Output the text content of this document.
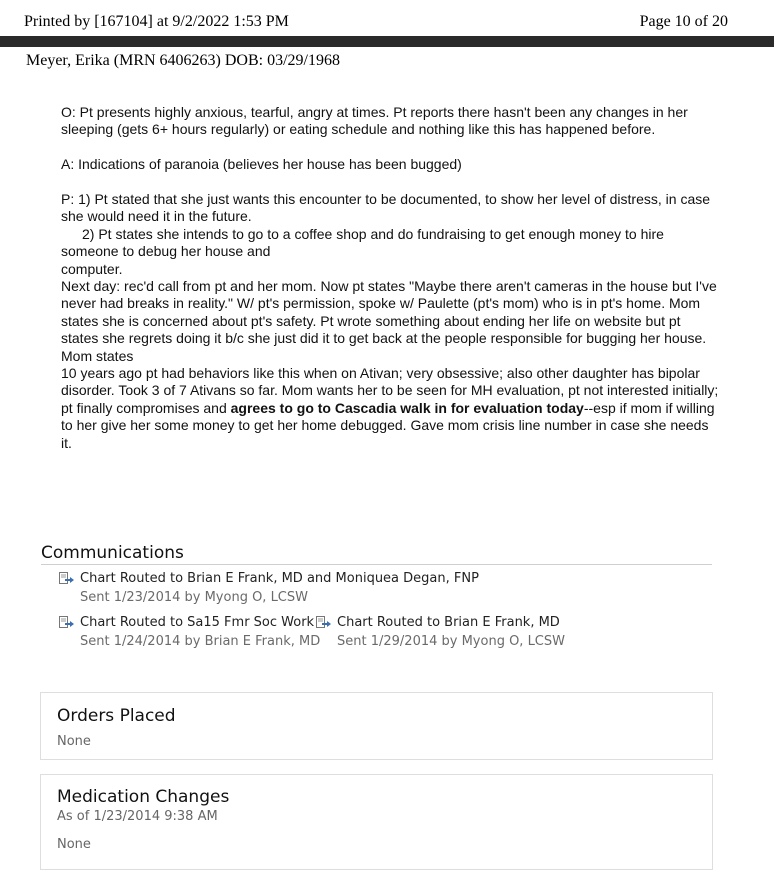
Printed by [167104] at 9/2/2022 1:53 PM	Page 10 of 20
Meyer, Erika (MRN 6406263) DOB: 03/29/1968

O: Pt presents highly anxious, tearful, angry at times. Pt reports there hasn't been any changes in her sleeping (gets 6+ hours regularly) or eating schedule and nothing like this has happened before.

A: Indications of paranoia (believes her house has been bugged)

P: 1) Pt stated that she just wants this encounter to be documented, to show her level of distress, in case she would need it in the future.

2) Pt states she intends to go to a coffee shop and do fundraising to get enough money to hire

someone to debug her house and

computer.

Next day: rec'd call from pt and her mom. Now pt states "Maybe there aren't cameras in the house but I've never had breaks in reality." W/ pt's permission, spoke w/ Paulette (pt's mom) who is in pt's home. Mom states she is concerned about pt's safety. Pt wrote something about ending her life on website but pt states she regrets doing it b/c she just did it to get back at the people responsible for bugging her house. Mom states

10 years ago pt had behaviors like this when on Ativan; very obsessive; also other daughter has bipolar disorder. Took 3 of 7 Ativans so far. Mom wants her to be seen for MH evaluation, pt not interested initially; pt finally compromises and agrees to go to Cascadia walk in for evaluation today--esp if mom if willing to her give her some money to get her home debugged. Gave mom crisis line number in case she needs it.

Communications
Chart Routed to Brian E Frank, MD and Moniquea Degan, FNP
Sent 1/23/2014 by Myong O, LCSW
Chart Routed to Sa15 Fmr Soc Work
Sent 1/24/2014 by Brian E Frank, MD
Chart Routed to Brian E Frank, MD
Sent 1/29/2014 by Myong O, LCSW
Orders Placed
None
Medication Changes
As of 1/23/2014 9:38 AM
None
